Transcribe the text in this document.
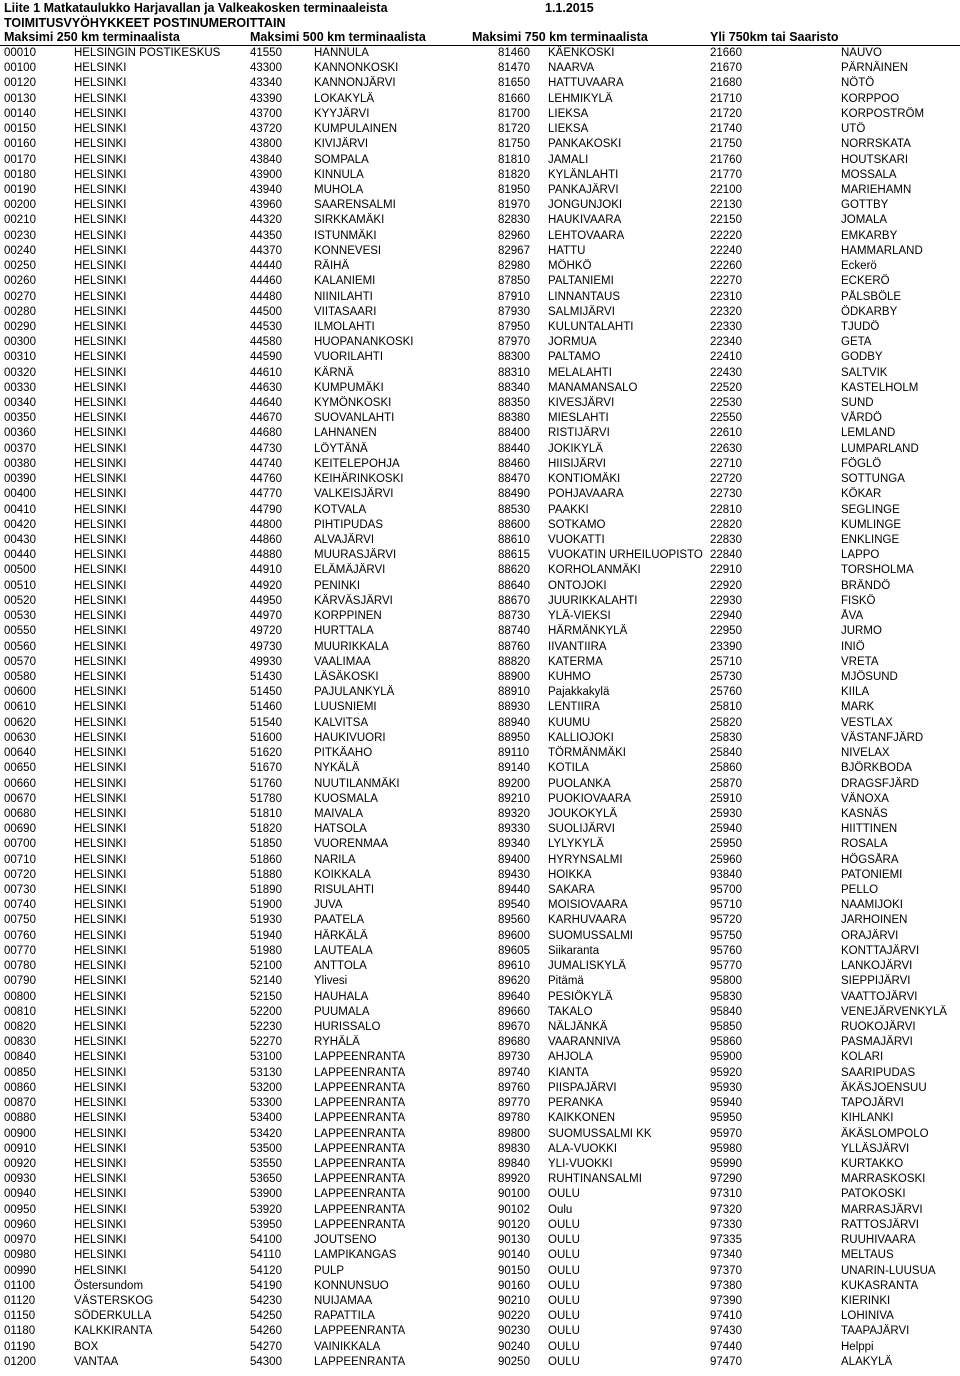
Liite 1 Matkataulukko Harjavallan ja Valkeakosken terminaaleista	1.1.2015
TOIMITUSVYÖHYKKEET POSTINUMEROITTAIN
Maksimi 250 km terminaalista	Maksimi 500 km terminaalista	Maksimi 750 km terminaalista	Yli 750km tai Saaristo
00010	HELSINGIN POSTIKESKUS	41550	HANNULA	81460	KÄENKOSKI	21660	NAUVO
00100	HELSINKI	43300	KANNONKOSKI	81470	NAARVA	21670	PÄRNÄINEN
00120	HELSINKI	43340	KANNONJÄRVI	81650	HATTUVAARA	21680	NÖTÖ
00130	HELSINKI	43390	LOKAKYLÄ	81660	LEHMIKYLÄ	21710	KORPPOO
00140	HELSINKI	43700	KYYJÄRVI	81700	LIEKSA	21720	KORPOSTRÖM
00150	HELSINKI	43720	KUMPULAINEN	81720	LIEKSA	21740	UTÖ
00160	HELSINKI	43800	KIVIJÄRVI	81750	PANKAKOSKI	21750	NORRSKATA
00170	HELSINKI	43840	SOMPALA	81810	JAMALI	21760	HOUTSKARI
00180	HELSINKI	43900	KINNULA	81820	KYLÄNLAHTI	21770	MOSSALA
00190	HELSINKI	43940	MUHOLA	81950	PANKAJÄRVI	22100	MARIEHAMN
00200	HELSINKI	43960	SAARENSALMI	81970	JONGUNJOKI	22130	GOTTBY
00210	HELSINKI	44320	SIRKKAMÄKI	82830	HAUKIVAARA	22150	JOMALA
00230	HELSINKI	44350	ISTUNMÄKI	82960	LEHTOVAARA	22220	EMKARBY
00240	HELSINKI	44370	KONNEVESI	82967	HATTU	22240	HAMMARLAND
00250	HELSINKI	44440	RÄIHÄ	82980	MÖHKÖ	22260	Eckerö
00260	HELSINKI	44460	KALANIEMI	87850	PALTANIEMI	22270	ECKERÖ
00270	HELSINKI	44480	NIINILAHTI	87910	LINNANTAUS	22310	PÅLSBÖLE
00280	HELSINKI	44500	VIITASAARI	87930	SALMIJÄRVI	22320	ÖDKARBY
00290	HELSINKI	44530	ILMOLAHTI	87950	KULUNTALAHTI	22330	TJUDÖ
00300	HELSINKI	44580	HUOPANANKOSKI	87970	JORMUA	22340	GETA
00310	HELSINKI	44590	VUORILAHTI	88300	PALTAMO	22410	GODBY
00320	HELSINKI	44610	KÄRNÄ	88310	MELALAHTI	22430	SALTVIK
00330	HELSINKI	44630	KUMPUMÄKI	88340	MANAMANSALO	22520	KASTELHOLM
00340	HELSINKI	44640	KYMÖNKOSKI	88350	KIVESJÄRVI	22530	SUND
00350	HELSINKI	44670	SUOVANLAHTI	88380	MIESLAHTI	22550	VÅRDÖ
00360	HELSINKI	44680	LAHNANEN	88400	RISTIJÄRVI	22610	LEMLAND
00370	HELSINKI	44730	LÖYTÄNÄ	88440	JOKIKYLÄ	22630	LUMPARLAND
00380	HELSINKI	44740	KEITELEPOHJA	88460	HIISIJÄRVI	22710	FÖGLÖ
00390	HELSINKI	44760	KEIHÄRINKOSKI	88470	KONTIOMÄKI	22720	SOTTUNGA
00400	HELSINKI	44770	VALKEISJÄRVI	88490	POHJAVAARA	22730	KÖKAR
00410	HELSINKI	44790	KOTVALA	88530	PAAKKI	22810	SEGLINGE
00420	HELSINKI	44800	PIHTIPUDAS	88600	SOTKAMO	22820	KUMLINGE
00430	HELSINKI	44860	ALVAJÄRVI	88610	VUOKATTI	22830	ENKLINGE
00440	HELSINKI	44880	MUURASJÄRVI	88615	VUOKATIN URHEILUOPISTO 22840	LAPPO
00500	HELSINKI	44910	ELÄMÄJÄRVI	88620	KORHOLANMÄKI	22910	TORSHOLMA
00510	HELSINKI	44920	PENINKI	88640	ONTOJOKI	22920	BRÄNDÖ
00520	HELSINKI	44950	KÄRVÄSJÄRVI	88670	JUURIKKALAHTI	22930	FISKÖ
00530	HELSINKI	44970	KORPPINEN	88730	YLÄ-VIEKSI	22940	ÅVA
00550	HELSINKI	49720	HURTTALA	88740	HÄRMÄNKYLÄ	22950	JURMO
00560	HELSINKI	49730	MUURIKKALA	88760	IIVANTIIRA	23390	INIÖ
00570	HELSINKI	49930	VAALIMAA	88820	KATERMA	25710	VRETA
00580	HELSINKI	51430	LÄSÄKOSKI	88900	KUHMO	25730	MJÖSUND
00600	HELSINKI	51450	PAJULANKYLÄ	88910	Pajakkakylä	25760	KIILA
00610	HELSINKI	51460	LUUSNIEMI	88930	LENTIIRA	25810	MARK
00620	HELSINKI	51540	KALVITSA	88940	KUUMU	25820	VESTLAX
00630	HELSINKI	51600	HAUKIVUORI	88950	KALLIOJOKI	25830	VÄSTANFJÄRD
00640	HELSINKI	51620	PITKÄAHO	89110	TÖRMÄNMÄKI	25840	NIVELAX
00650	HELSINKI	51670	NYKÄLÄ	89140	KOTILA	25860	BJÖRKBODA
00660	HELSINKI	51760	NUUTILANMÄKI	89200	PUOLANKA	25870	DRAGSFJÄRD
00670	HELSINKI	51780	KUOSMALA	89210	PUOKIOVAARA	25910	VÄNOXA
00680	HELSINKI	51810	MAIVALA	89320	JOUKOKYLÄ	25930	KASNÄS
00690	HELSINKI	51820	HATSOLA	89330	SUOLIJÄRVI	25940	HIITTINEN
00700	HELSINKI	51850	VUORENMAA	89340	LYLYKYLÄ	25950	ROSALA
00710	HELSINKI	51860	NARILA	89400	HYRYNSALMI	25960	HÖGSÅRA
00720	HELSINKI	51880	KOIKKALA	89430	HOIKKA	93840	PATONIEMI
00730	HELSINKI	51890	RISULAHTI	89440	SAKARA	95700	PELLO
00740	HELSINKI	51900	JUVA	89540	MOISIOVAARA	95710	NAAMIJOKI
00750	HELSINKI	51930	PAATELA	89560	KARHUVAARA	95720	JARHOINEN
00760	HELSINKI	51940	HÄRKÄLÄ	89600	SUOMUSSALMI	95750	ORAJÄRVI
00770	HELSINKI	51980	LAUTEALA	89605	Siikaranta	95760	KONTTAJÄRVI
00780	HELSINKI	52100	ANTTOLA	89610	JUMALISKYLÄ	95770	LANKOJÄRVI
00790	HELSINKI	52140	Ylivesi	89620	Pitämä	95800	SIEPPIJÄRVI
00800	HELSINKI	52150	HAUHALA	89640	PESIÖKYLÄ	95830	VAATTOJÄRVI
00810	HELSINKI	52200	PUUMALA	89660	TAKALO	95840	VENEJÄRVENKYLÄ
00820	HELSINKI	52230	HURISSALO	89670	NÄLJÄNKÄ	95850	RUOKOJÄRVI
00830	HELSINKI	52270	RYHÄLÄ	89680	VAARANNIVA	95860	PASMAJÄRVI
00840	HELSINKI	53100	LAPPEENRANTA	89730	AHJOLA	95900	KOLARI
00850	HELSINKI	53130	LAPPEENRANTA	89740	KIANTA	95920	SAARIPUDAS
00860	HELSINKI	53200	LAPPEENRANTA	89760	PIISPAJÄRVI	95930	ÄKÄSJOENSUU
00870	HELSINKI	53300	LAPPEENRANTA	89770	PERANKA	95940	TAPOJÄRVI
00880	HELSINKI	53400	LAPPEENRANTA	89780	KAIKKONEN	95950	KIHLANKI
00900	HELSINKI	53420	LAPPEENRANTA	89800	SUOMUSSALMI KK	95970	ÄKÄSLOMPOLO
00910	HELSINKI	53500	LAPPEENRANTA	89830	ALA-VUOKKI	95980	YLLÄSJÄRVI
00920	HELSINKI	53550	LAPPEENRANTA	89840	YLI-VUOKKI	95990	KURTAKKO
00930	HELSINKI	53650	LAPPEENRANTA	89920	RUHTINANSALMI	97290	MARRASKOSKI
00940	HELSINKI	53900	LAPPEENRANTA	90100	OULU	97310	PATOKOSKI
00950	HELSINKI	53920	LAPPEENRANTA	90102	Oulu	97320	MARRASJÄRVI
00960	HELSINKI	53950	LAPPEENRANTA	90120	OULU	97330	RATTOSJÄRVI
00970	HELSINKI	54100	JOUTSENO	90130	OULU	97335	RUUHIVAARA
00980	HELSINKI	54110	LAMPIKANGAS	90140	OULU	97340	MELTAUS
00990	HELSINKI	54120	PULP	90150	OULU	97370	UNARIN-LUUSUA
01100	Östersundom	54190	KONNUNSUO	90160	OULU	97380	KUKASRANTA
01120	VÄSTERSKOG	54230	NUIJAMAA	90210	OULU	97390	KIERINKI
01150	SÖDERKULLA	54250	RAPATTILA	90220	OULU	97410	LOHINIVA
01180	KALKKIRANTA	54260	LAPPEENRANTA	90230	OULU	97430	TAAPAJÄRVI
01190	BOX	54270	VAINIKKALA	90240	OULU	97440	Helppi
01200	VANTAA	54300	LAPPEENRANTA	90250	OULU	97470	ALAKYLÄ
